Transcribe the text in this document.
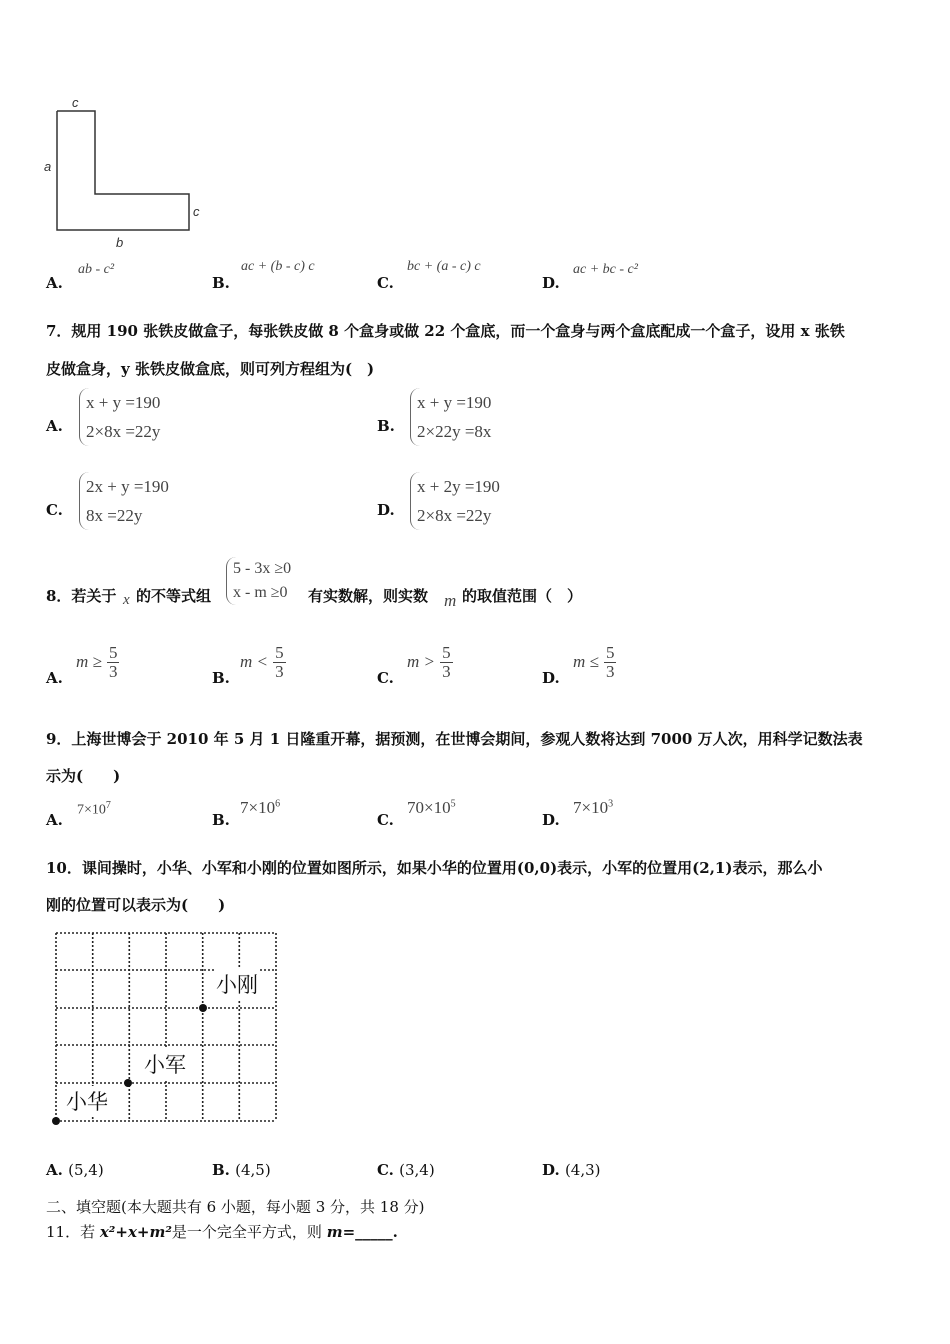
c
a
c
b
A.
ab - c²
B.
ac + (b - c) c
C.
bc + (a - c) c
D.
ac + bc - c²
7．规用 190 张铁皮做盒子，每张铁皮做 8 个盒身或做 22 个盒底，而一个盒身与两个盒底配成一个盒子，设用 x 张铁
皮做盒身，y 张铁皮做盒底，则可列方程组为(　)
A.
x + y =190
2×8x =22y	B.
x + y =190
2×22y =8x
C.
2x + y =190
8x =22y	D.
x + 2y =190
2×8x =22y
8．若关于 x 的不等式组
5 - 3x ≥0
x - m ≥0 有实数解，则实数 m 的取值范围（　）
A.
$m \ge \frac{5}{3}$	B.
$m < \frac{5}{3}$	C.
$m > \frac{5}{3}$	D.
$m \le \frac{5}{3}$
9．上海世博会于 2010 年 5 月 1 日隆重开幕，据预测，在世博会期间，参观人数将达到 7000 万人次，用科学记数法表
示为(　　)
A.
$7\times 10^7$
B.
$7\times 10^6$
C.
$70\times 10^5$
D.
$7\times 10^3$
10．课间操时，小华、小军和小刚的位置如图所示，如果小华的位置用(0,0)表示，小军的位置用(2,1)表示，那么小
刚的位置可以表示为(　　)
小刚
小军
小华
A. (5,4)	B. (4,5)	C. (3,4)	D. (4,3)
二、填空题(本大题共有 6 小题，每小题 3 分，共 18 分)
11．若 x²+x+m²是一个完全平方式，则 m=_____.
